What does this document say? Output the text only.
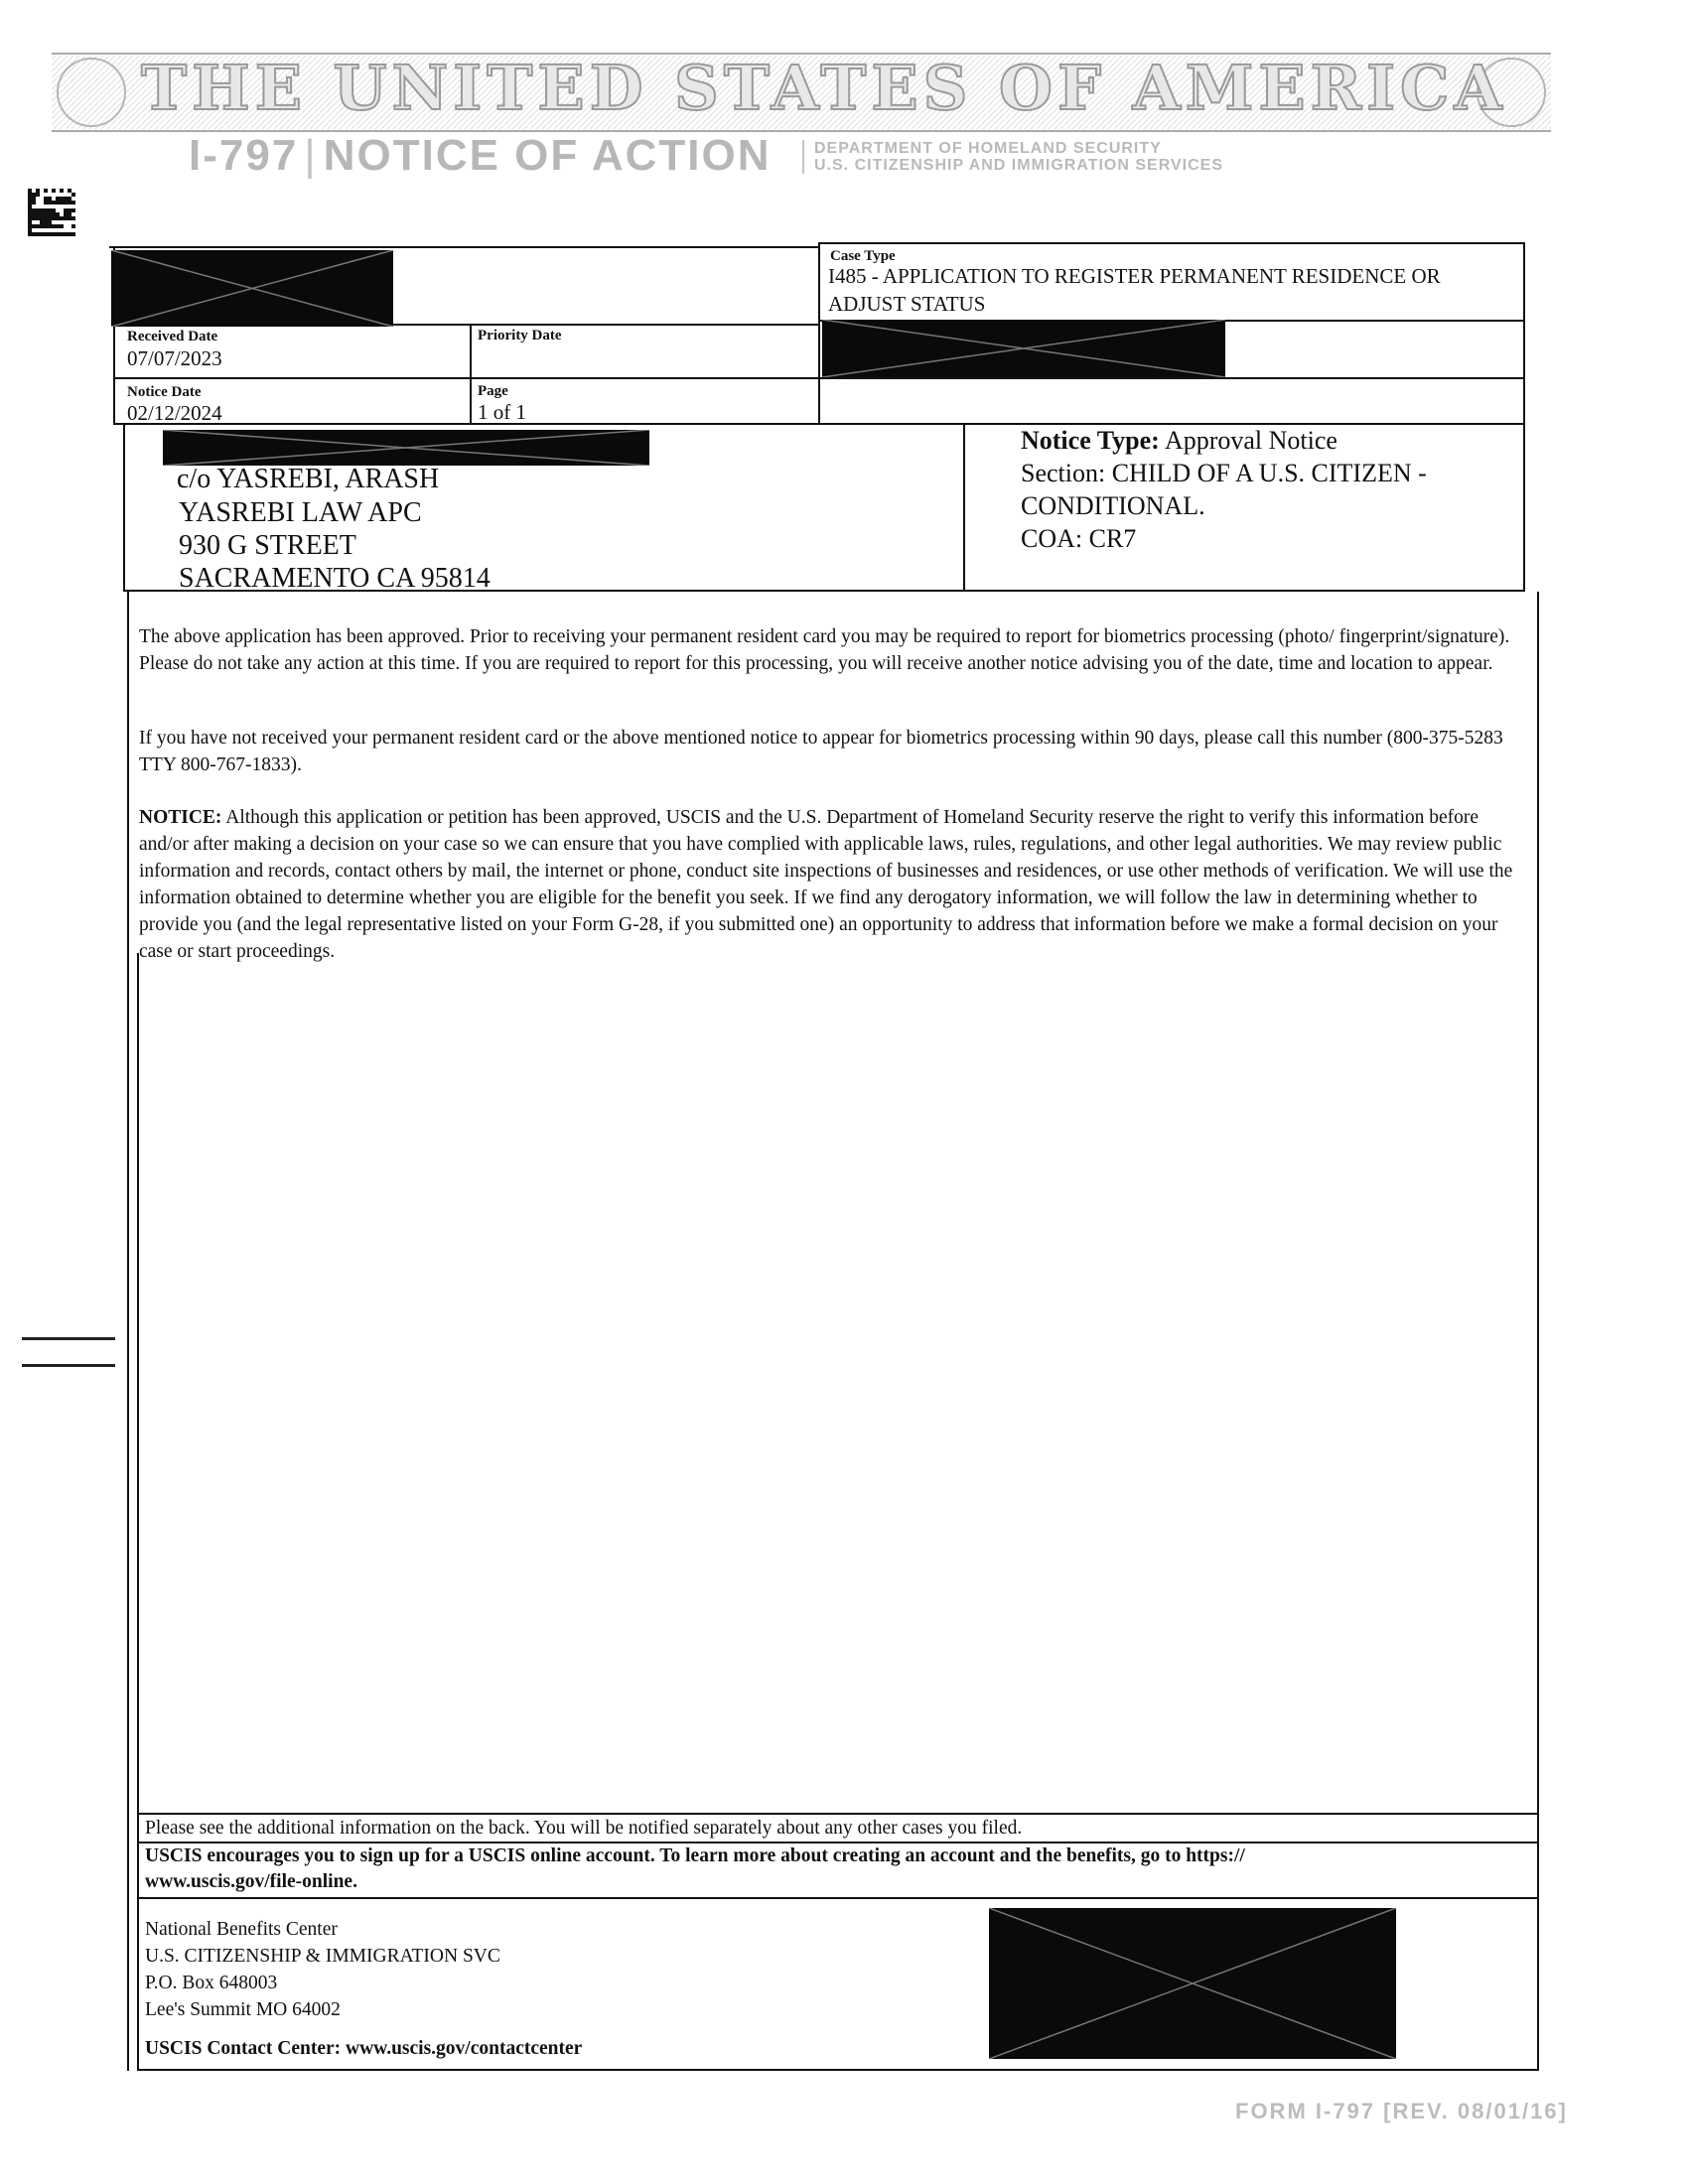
THE UNITED STATES OF AMERICA
I-797 | NOTICE OF ACTION	DEPARTMENT OF HOMELAND SECURITY
U.S. CITIZENSHIP AND IMMIGRATION SERVICES
Case Type
I485 - APPLICATION TO REGISTER PERMANENT RESIDENCE OR
ADJUST STATUS
Received Date
07/07/2023
Priority Date
Notice Date
02/12/2024
Page
1 of 1
c/o YASREBI, ARASH
YASREBI LAW APC
930 G STREET
SACRAMENTO CA 95814
Notice Type: Approval Notice
Section: CHILD OF A U.S. CITIZEN -
CONDITIONAL.
COA: CR7
The above application has been approved. Prior to receiving your permanent resident card you may be required to report for biometrics processing (photo/ fingerprint/signature). Please do not take any action at this time. If you are required to report for this processing, you will receive another notice advising you of the date, time and location to appear.
If you have not received your permanent resident card or the above mentioned notice to appear for biometrics processing within 90 days, please call this number (800-375-5283 TTY 800-767-1833).
NOTICE: Although this application or petition has been approved, USCIS and the U.S. Department of Homeland Security reserve the right to verify this information before and/or after making a decision on your case so we can ensure that you have complied with applicable laws, rules, regulations, and other legal authorities. We may review public information and records, contact others by mail, the internet or phone, conduct site inspections of businesses and residences, or use other methods of verification. We will use the information obtained to determine whether you are eligible for the benefit you seek. If we find any derogatory information, we will follow the law in determining whether to provide you (and the legal representative listed on your Form G-28, if you submitted one) an opportunity to address that information before we make a formal decision on your case or start proceedings.
Please see the additional information on the back. You will be notified separately about any other cases you filed.
USCIS encourages you to sign up for a USCIS online account. To learn more about creating an account and the benefits, go to https://
www.uscis.gov/file-online.
National Benefits Center
U.S. CITIZENSHIP & IMMIGRATION SVC
P.O. Box 648003
Lee's Summit MO 64002
USCIS Contact Center: www.uscis.gov/contactcenter
FORM I-797 [REV. 08/01/16]
